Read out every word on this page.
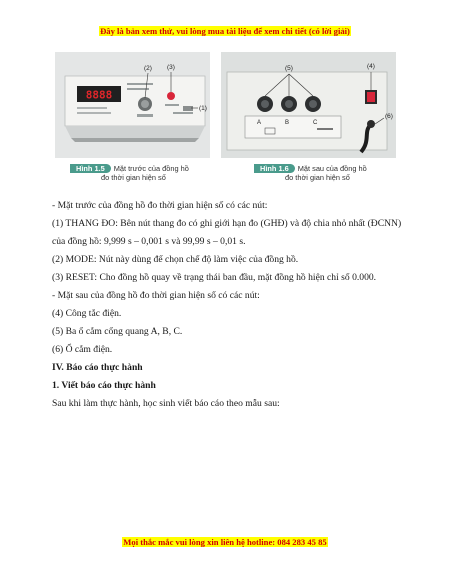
Đây là bản xem thử, vui lòng mua tài liệu để xem chi tiết (có lời giải)
8888
(2) (3)
(1)
(5)
A	B	C
(4)
(6)
Hình 1.5 Mặt trước của đồng hồ
đo thời gian hiện số
Hình 1.6 Mặt sau của đồng hồ
đo thời gian hiện số

- Mặt trước của đồng hồ đo thời gian hiện số có các nút:

(1) THANG ĐO: Bên nút thang đo có ghi giới hạn đo (GHĐ) và độ chia nhỏ nhất (ĐCNN) của đồng hồ: 9,999 s – 0,001 s và 99,99 s – 0,01 s.

(2) MODE: Nút này dùng để chọn chế độ làm việc của đồng hồ.

(3) RESET: Cho đồng hồ quay về trạng thái ban đầu, mặt đồng hồ hiện chỉ số 0.000.

- Mặt sau của đồng hồ đo thời gian hiện số có các nút:

(4) Công tắc điện.

(5) Ba ổ cắm cổng quang A, B, C.

(6) Ổ cắm điện.

IV. Báo cáo thực hành

1. Viết báo cáo thực hành

Sau khi làm thực hành, học sinh viết báo cáo theo mẫu sau:

Mọi thắc mắc vui lòng xin liên hệ hotline: 084 283 45 85
